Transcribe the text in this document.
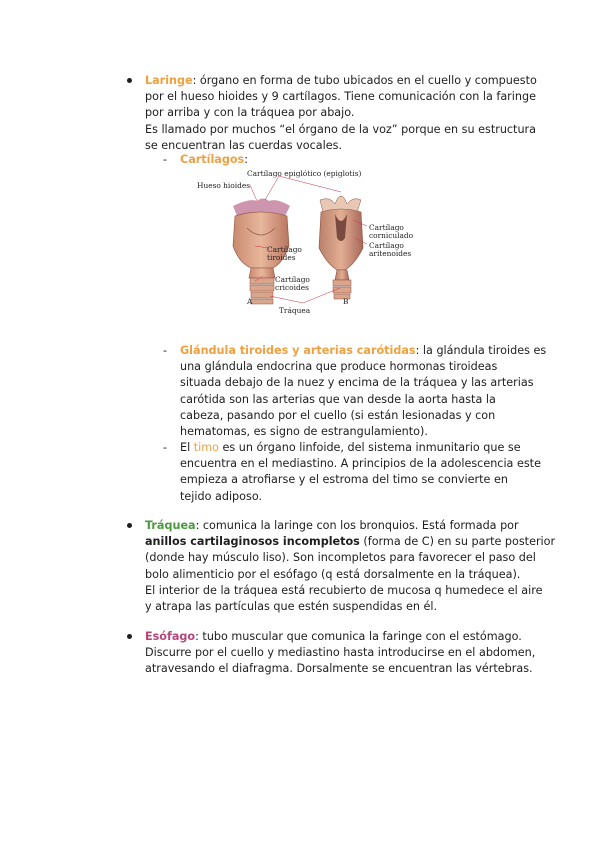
Laringe: órgano en forma de tubo ubicados en el cuello y compuesto
por el hueso hioides y 9 cartílagos. Tiene comunicación con la faringe
por arriba y con la tráquea por abajo.
Es llamado por muchos “el órgano de la voz” porque en su estructura
se encuentran las cuerdas vocales.
- Cartílagos:
Cartílago epiglótico (epiglotis)
Hueso hioides
Cartílago
corniculado
Cartílago
aritenoides
Cartílago
tiroides
Cartílago
cricoides
Tráquea
A	B
- Glándula tiroides y arterias carótidas: la glándula tiroides es
una glándula endocrina que produce hormonas tiroideas
situada debajo de la nuez y encima de la tráquea y las arterias
carótida son las arterias que van desde la aorta hasta la
cabeza, pasando por el cuello (si están lesionadas y con
hematomas, es signo de estrangulamiento).
- El timo es un órgano linfoide, del sistema inmunitario que se
encuentra en el mediastino. A principios de la adolescencia este
empieza a atrofiarse y el estroma del timo se convierte en
tejido adiposo.
Tráquea: comunica la laringe con los bronquios. Está formada por
anillos cartilaginosos incompletos (forma de C) en su parte posterior
(donde hay músculo liso). Son incompletos para favorecer el paso del
bolo alimenticio por el esófago (q está dorsalmente en la tráquea).
El interior de la tráquea está recubierto de mucosa q humedece el aire
y atrapa las partículas que estén suspendidas en él.
Esófago: tubo muscular que comunica la faringe con el estómago.
Discurre por el cuello y mediastino hasta introducirse en el abdomen,
atravesando el diafragma. Dorsalmente se encuentran las vértebras.
